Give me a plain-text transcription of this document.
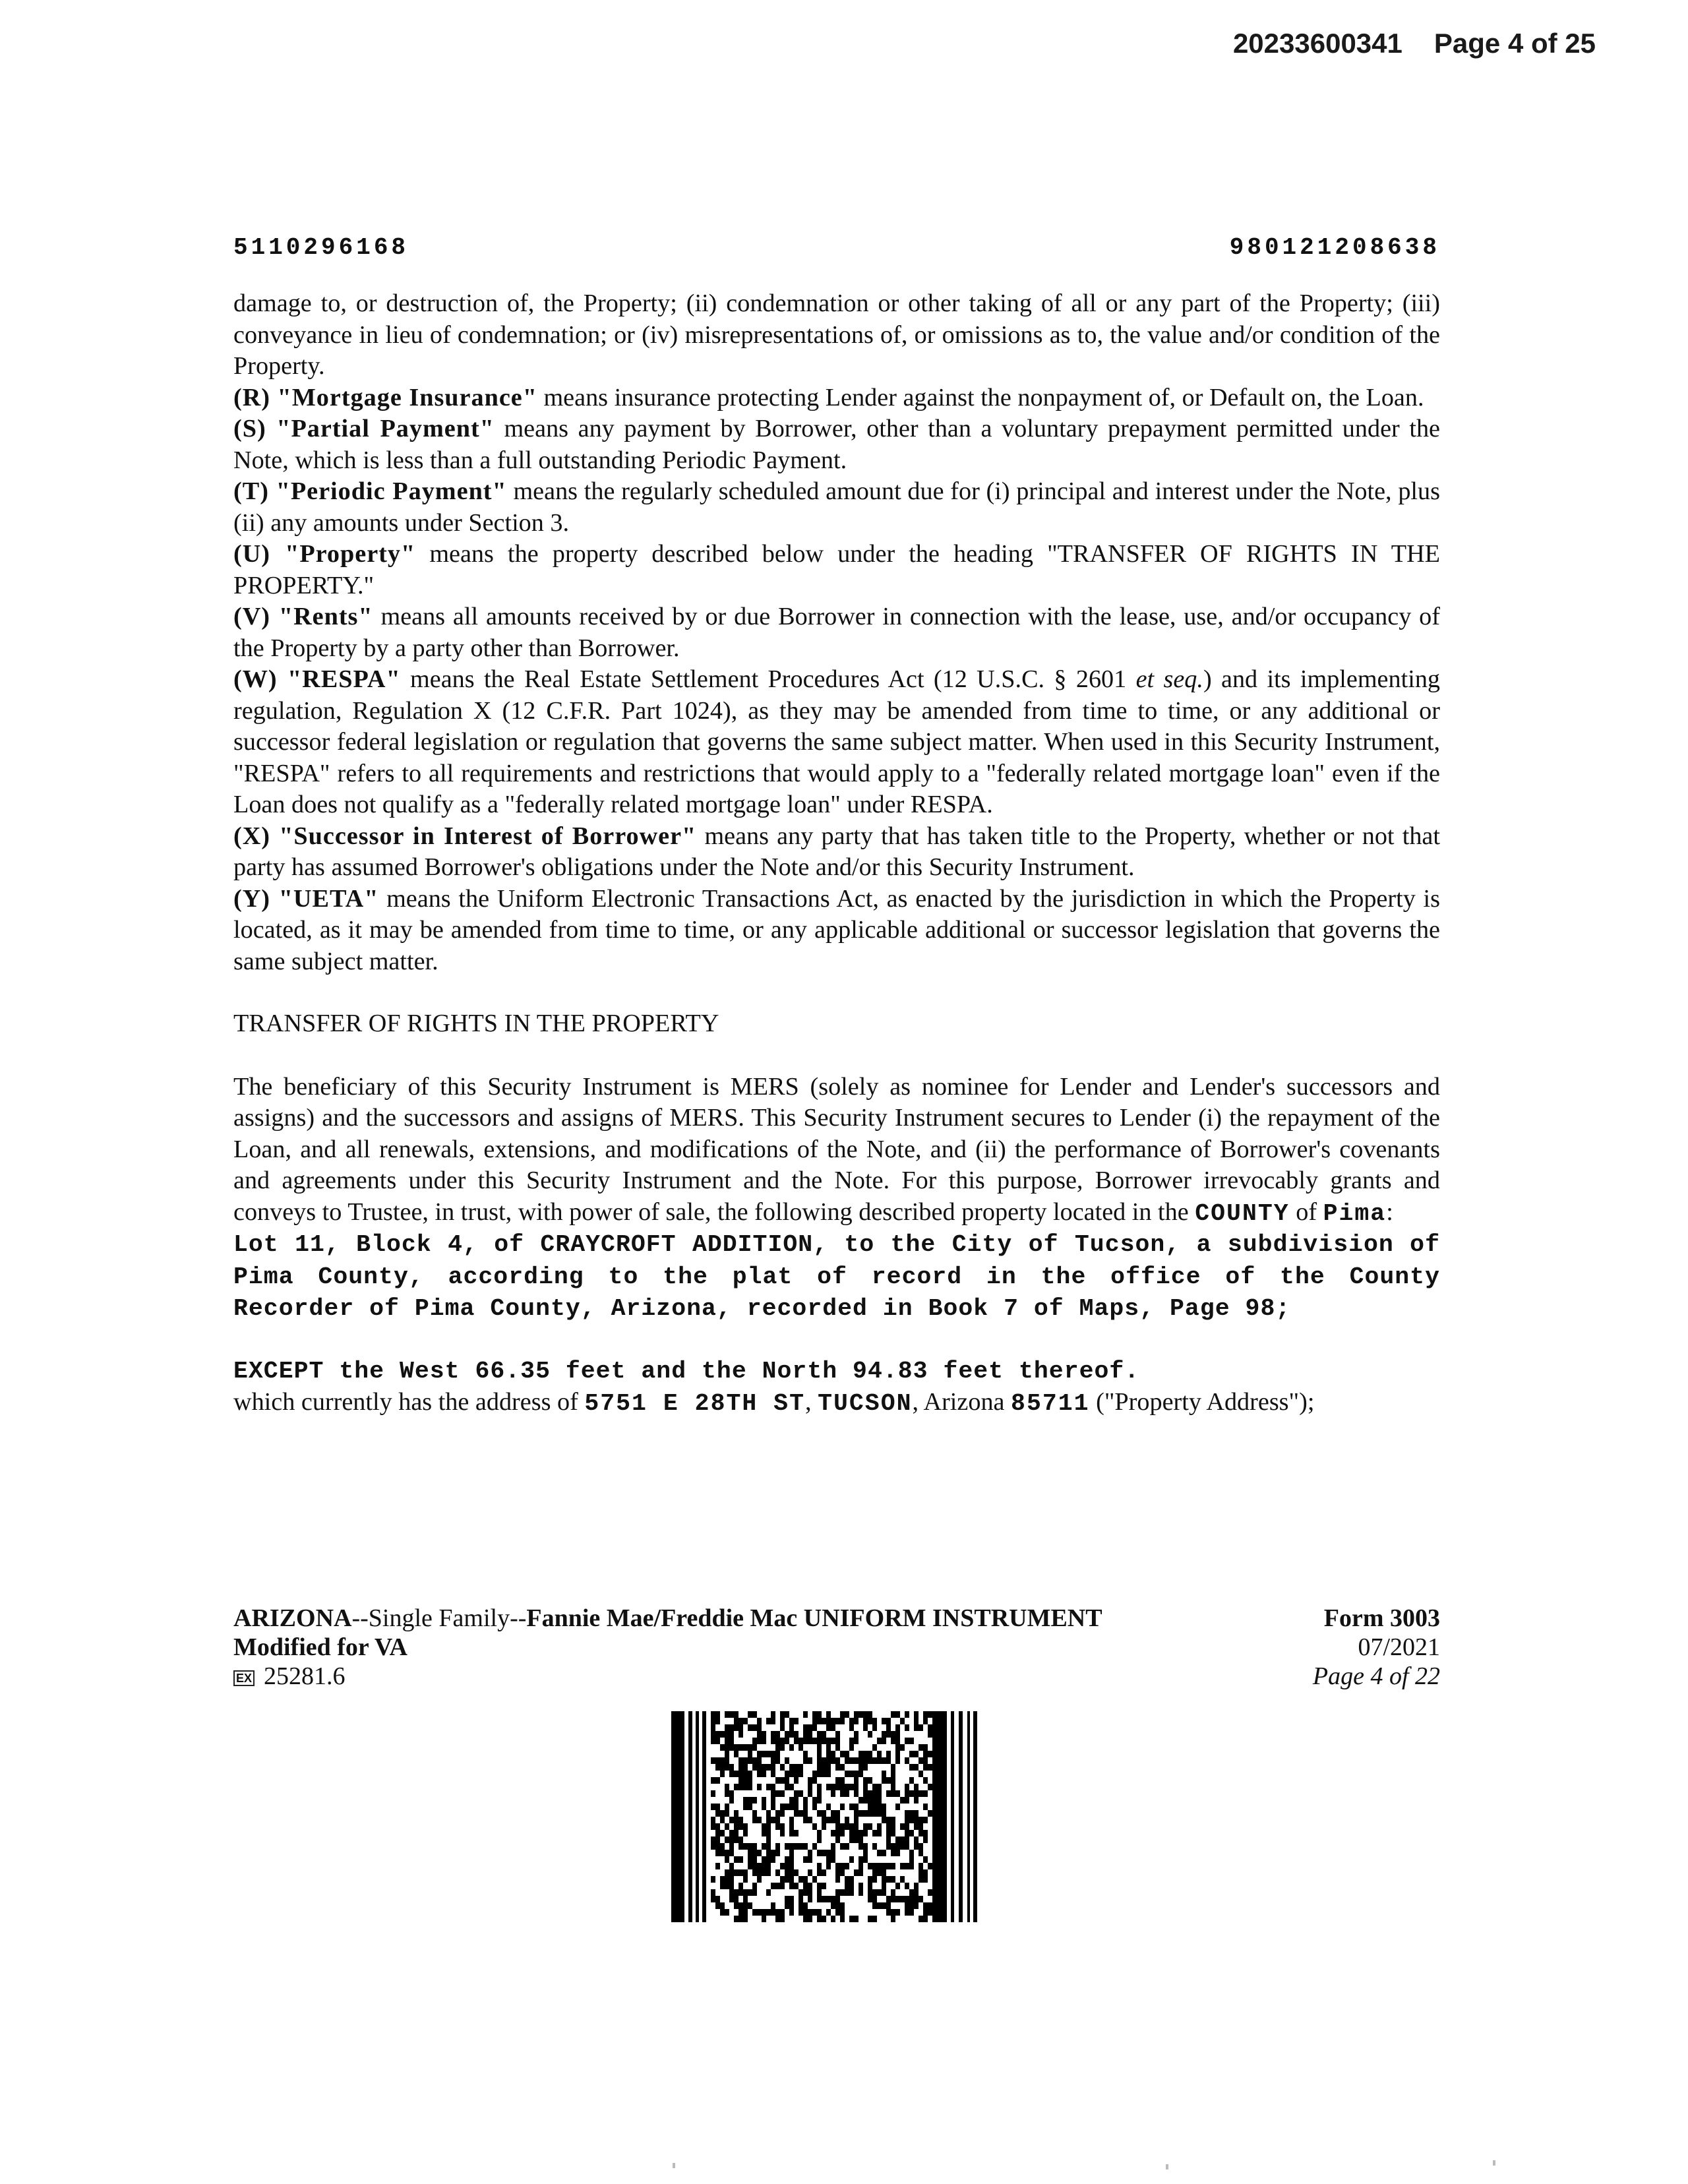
20233600341 Page 4 of 25
5110296168	980121208638

damage to, or destruction of, the Property; (ii) condemnation or other taking of all or any part of the Property; (iii) conveyance in lieu of condemnation; or (iv) misrepresentations of, or omissions as to, the value and/or condition of the Property.

(R) "Mortgage Insurance" means insurance protecting Lender against the nonpayment of, or Default on, the Loan.

(S) "Partial Payment" means any payment by Borrower, other than a voluntary prepayment permitted under the Note, which is less than a full outstanding Periodic Payment.

(T) "Periodic Payment" means the regularly scheduled amount due for (i) principal and interest under the Note, plus (ii) any amounts under Section 3.

(U) "Property" means the property described below under the heading "TRANSFER OF RIGHTS IN THE PROPERTY."

(V) "Rents" means all amounts received by or due Borrower in connection with the lease, use, and/or occupancy of the Property by a party other than Borrower.

(W) "RESPA" means the Real Estate Settlement Procedures Act (12 U.S.C. § 2601 et seq.) and its implementing regulation, Regulation X (12 C.F.R. Part 1024), as they may be amended from time to time, or any additional or successor federal legislation or regulation that governs the same subject matter. When used in this Security Instrument, "RESPA" refers to all requirements and restrictions that would apply to a "federally related mortgage loan" even if the Loan does not qualify as a "federally related mortgage loan" under RESPA.

(X) "Successor in Interest of Borrower" means any party that has taken title to the Property, whether or not that party has assumed Borrower's obligations under the Note and/or this Security Instrument.

(Y) "UETA" means the Uniform Electronic Transactions Act, as enacted by the jurisdiction in which the Property is located, as it may be amended from time to time, or any applicable additional or successor legislation that governs the same subject matter.

TRANSFER OF RIGHTS IN THE PROPERTY

The beneficiary of this Security Instrument is MERS (solely as nominee for Lender and Lender's successors and assigns) and the successors and assigns of MERS. This Security Instrument secures to Lender (i) the repayment of the Loan, and all renewals, extensions, and modifications of the Note, and (ii) the performance of Borrower's covenants and agreements under this Security Instrument and the Note. For this purpose, Borrower irrevocably grants and conveys to Trustee, in trust, with power of sale, the following described property located in the COUNTY of Pima:

Lot 11, Block 4, of CRAYCROFT ADDITION, to the City of Tucson, a subdivision of Pima County, according to the plat of record in the office of the County Recorder of Pima County, Arizona, recorded in Book 7 of Maps, Page 98;

EXCEPT the West 66.35 feet and the North 94.83 feet thereof.

which currently has the address of 5751 E 28TH ST, TUCSON, Arizona 85711 ("Property Address");

ARIZONA--Single Family--Fannie Mae/Freddie Mac UNIFORM INSTRUMENT
Modified for VA
EX 25281.6
Form 3003
07/2021
Page 4 of 22
